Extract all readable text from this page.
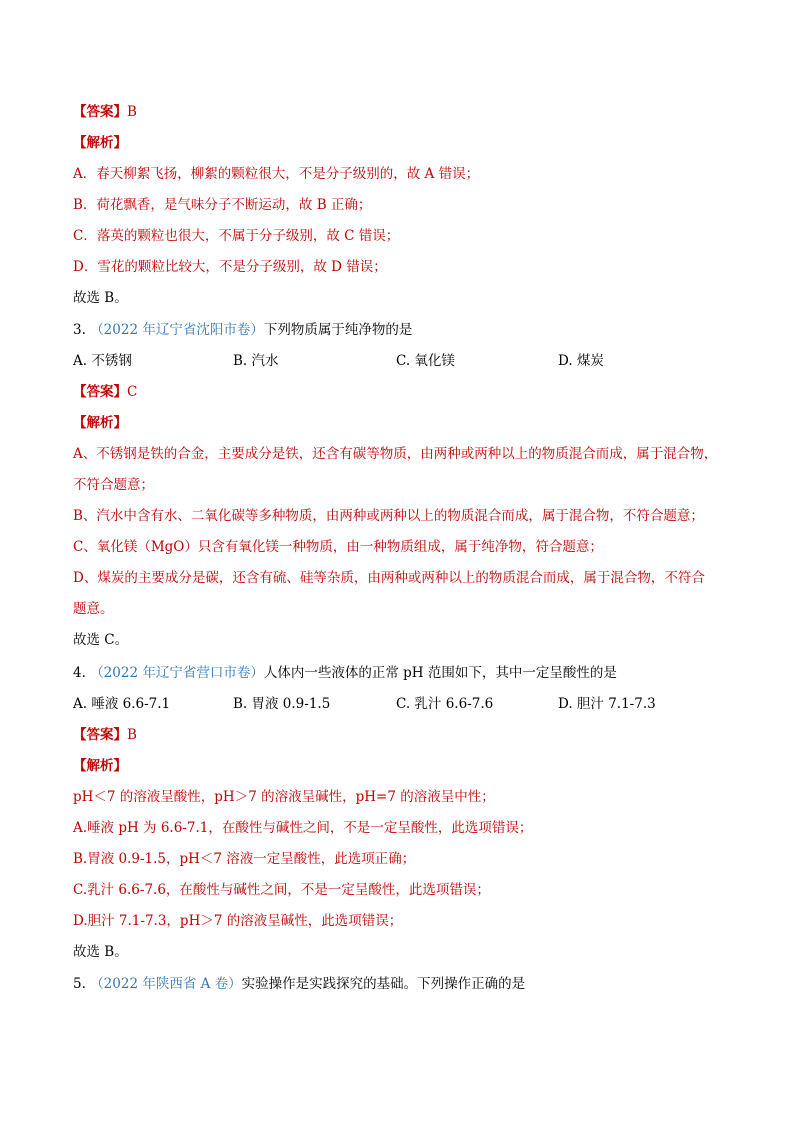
【答案】B
【解析】
A．春天柳絮飞扬，柳絮的颗粒很大，不是分子级别的，故 A 错误；
B．荷花飘香，是气味分子不断运动，故 B 正确；
C．落英的颗粒也很大，不属于分子级别，故 C 错误；
D．雪花的颗粒比较大，不是分子级别，故 D 错误；
故选 B。
3. （2022 年辽宁省沈阳市卷）下列物质属于纯净物的是
A. 不锈钢	B. 汽水	C. 氧化镁	D. 煤炭
【答案】C
【解析】
A、不锈钢是铁的合金，主要成分是铁，还含有碳等物质，由两种或两种以上的物质混合而成，属于混合物，
不符合题意；
B、汽水中含有水、二氧化碳等多种物质，由两种或两种以上的物质混合而成，属于混合物，不符合题意；
C、氧化镁（MgO）只含有氧化镁一种物质，由一种物质组成，属于纯净物，符合题意；
D、煤炭的主要成分是碳，还含有硫、硅等杂质，由两种或两种以上的物质混合而成，属于混合物，不符合
题意。
故选 C。
4. （2022 年辽宁省营口市卷）人体内一些液体的正常 pH 范围如下，其中一定呈酸性的是
A. 唾液 6.6-7.1	B. 胃液 0.9-1.5	C. 乳汁 6.6-7.6	D. 胆汁 7.1-7.3
【答案】B
【解析】
pH＜7 的溶液呈酸性，pH＞7 的溶液呈碱性，pH=7 的溶液呈中性；
A.唾液 pH 为 6.6-7.1，在酸性与碱性之间，不是一定呈酸性，此选项错误；
B.胃液 0.9-1.5，pH＜7 溶液一定呈酸性，此选项正确；
C.乳汁 6.6-7.6，在酸性与碱性之间，不是一定呈酸性，此选项错误；
D.胆汁 7.1-7.3，pH＞7 的溶液呈碱性，此选项错误；
故选 B。
5. （2022 年陕西省 A 卷）实验操作是实践探究的基础。下列操作正确的是
